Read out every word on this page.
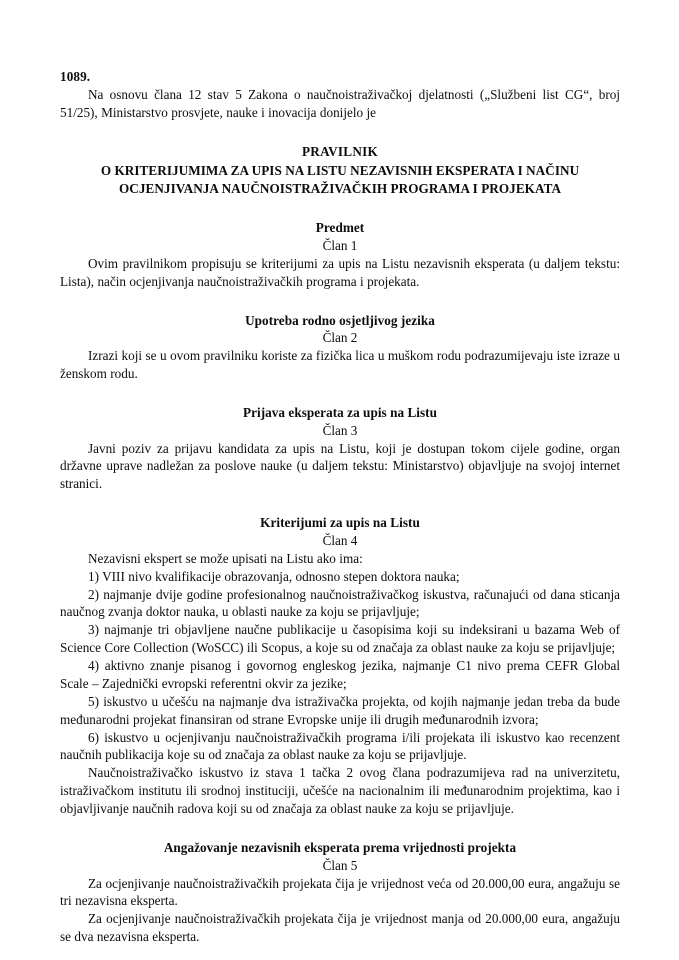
1089.

Na osnovu člana 12 stav 5 Zakona o naučnoistraživačkoj djelatnosti („Službeni list CG“, broj 51/25), Ministarstvo prosvjete, nauke i inovacija donijelo je

PRAVILNIK
O KRITERIJUMIMA ZA UPIS NA LISTU NEZAVISNIH EKSPERATA I NAČINU
OCJENJIVANJA NAUČNOISTRAŽIVAČKIH PROGRAMA I PROJEKATA

Predmet

Član 1

Ovim pravilnikom propisuju se kriterijumi za upis na Listu nezavisnih eksperata (u daljem tekstu: Lista), način ocjenjivanja naučnoistraživačkih programa i projekata.

Upotreba rodno osjetljivog jezika

Član 2

Izrazi koji se u ovom pravilniku koriste za fizička lica u muškom rodu podrazumijevaju iste izraze u ženskom rodu.

Prijava eksperata za upis na Listu

Član 3

Javni poziv za prijavu kandidata za upis na Listu, koji je dostupan tokom cijele godine, organ državne uprave nadležan za poslove nauke (u daljem tekstu: Ministarstvo) objavljuje na svojoj internet stranici.

Kriterijumi za upis na Listu

Član 4

Nezavisni ekspert se može upisati na Listu ako ima:

1) VIII nivo kvalifikacije obrazovanja, odnosno stepen doktora nauka;

2) najmanje dvije godine profesionalnog naučnoistraživačkog iskustva, računajući od dana sticanja naučnog zvanja doktor nauka, u oblasti nauke za koju se prijavljuje;

3) najmanje tri objavljene naučne publikacije u časopisima koji su indeksirani u bazama Web of Science Core Collection (WoSCC) ili Scopus, a koje su od značaja za oblast nauke za koju se prijavljuje;

4) aktivno znanje pisanog i govornog engleskog jezika, najmanje C1 nivo prema CEFR Global Scale – Zajednički evropski referentni okvir za jezike;

5) iskustvo u učešću na najmanje dva istraživačka projekta, od kojih najmanje jedan treba da bude međunarodni projekat finansiran od strane Evropske unije ili drugih međunarodnih izvora;

6) iskustvo u ocjenjivanju naučnoistraživačkih programa i/ili projekata ili iskustvo kao recenzent naučnih publikacija koje su od značaja za oblast nauke za koju se prijavljuje.

Naučnoistraživačko iskustvo iz stava 1 tačka 2 ovog člana podrazumijeva rad na univerzitetu, istraživačkom institutu ili srodnoj instituciji, učešće na nacionalnim ili međunarodnim projektima, kao i objavljivanje naučnih radova koji su od značaja za oblast nauke za koju se prijavljuje.

Angažovanje nezavisnih eksperata prema vrijednosti projekta

Član 5

Za ocjenjivanje naučnoistraživačkih projekata čija je vrijednost veća od 20.000,00 eura, angažuju se tri nezavisna eksperta.

Za ocjenjivanje naučnoistraživačkih projekata čija je vrijednost manja od 20.000,00 eura, angažuju se dva nezavisna eksperta.
